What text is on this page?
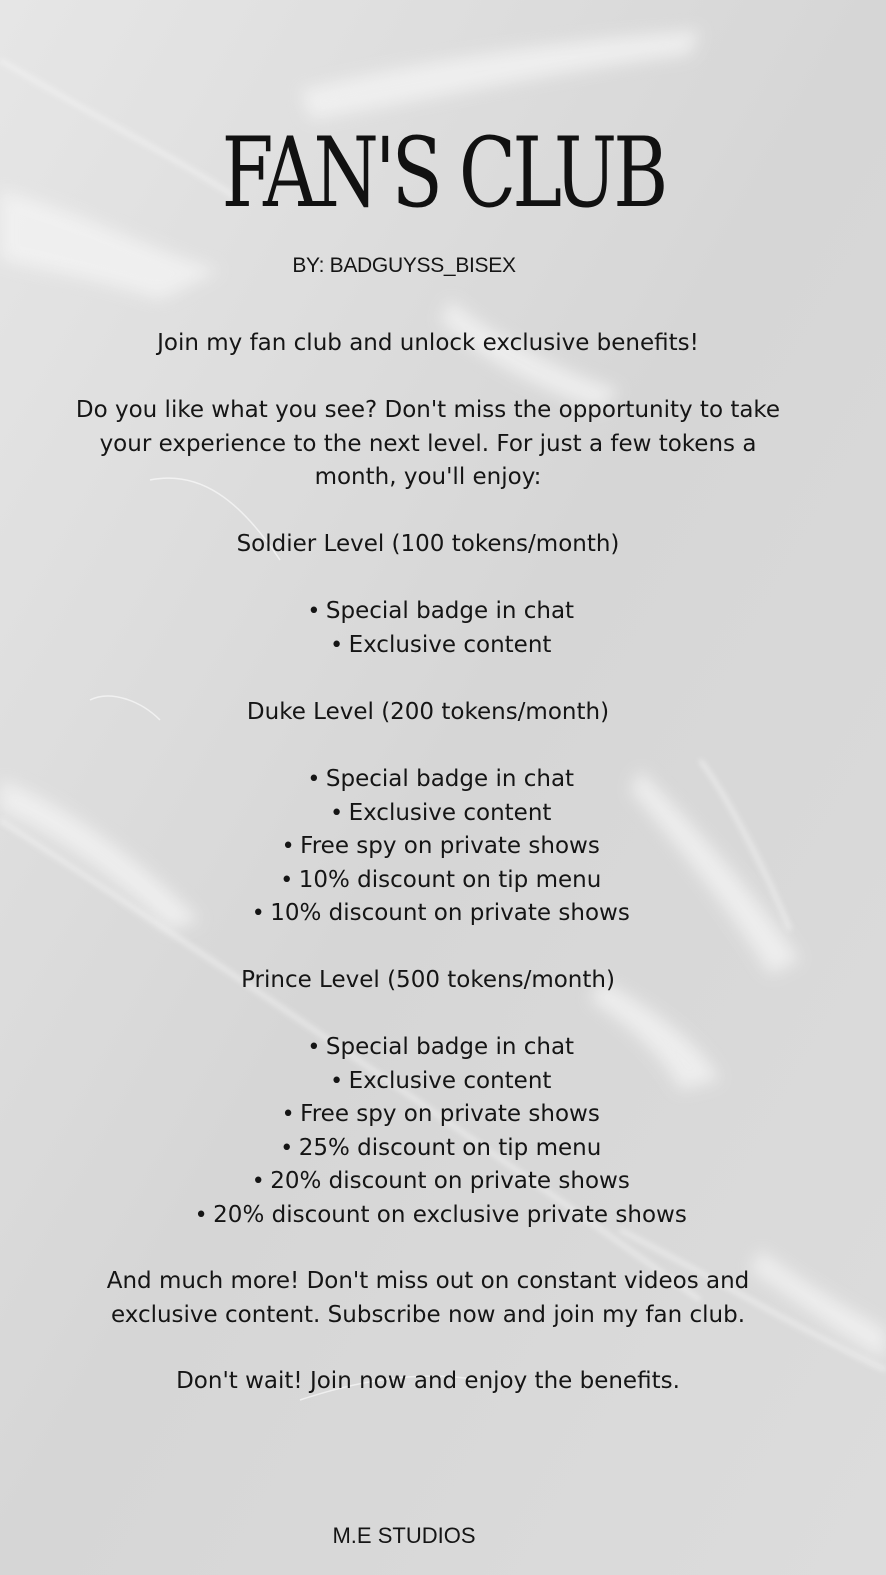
FAN'S CLUB
BY: BADGUYSS_BISEX

Join my fan club and unlock exclusive benefits!

Do you like what you see? Don't miss the opportunity to take

your experience to the next level. For just a few tokens a

month, you'll enjoy:

Soldier Level (100 tokens/month)

• Special badge in chat
• Exclusive content

Duke Level (200 tokens/month)

• Special badge in chat
• Exclusive content
• Free spy on private shows
• 10% discount on tip menu
• 10% discount on private shows

Prince Level (500 tokens/month)

• Special badge in chat
• Exclusive content
• Free spy on private shows
• 25% discount on tip menu
• 20% discount on private shows
• 20% discount on exclusive private shows

And much more! Don't miss out on constant videos and

exclusive content. Subscribe now and join my fan club.

Don't wait! Join now and enjoy the benefits.

M.E STUDIOS
